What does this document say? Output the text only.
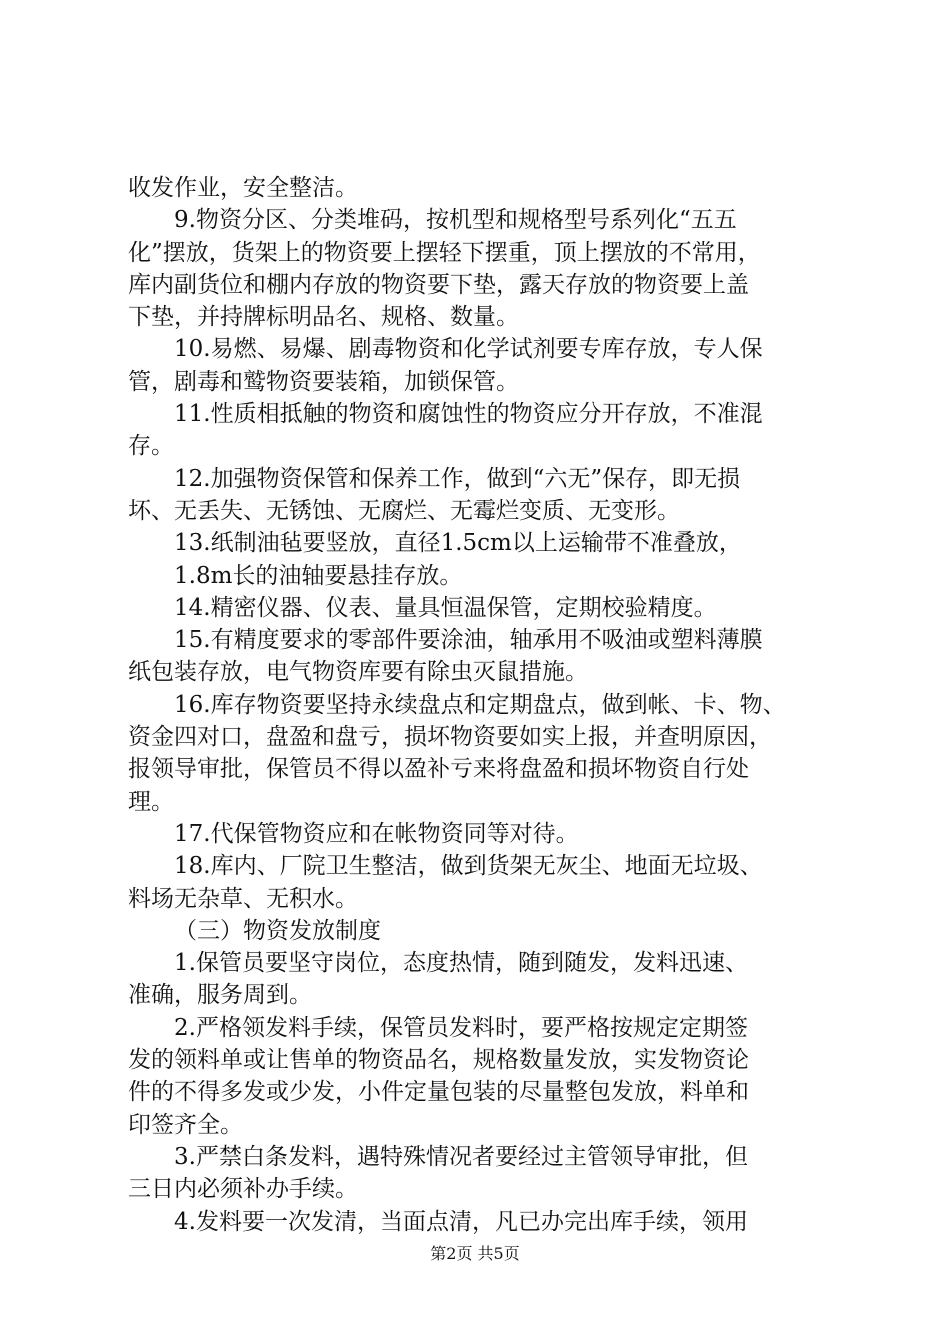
收发作业，安全整洁。
9.物资分区、分类堆码，按机型和规格型号系列化“五五
化”摆放，货架上的物资要上摆轻下摆重，顶上摆放的不常用，
库内副货位和棚内存放的物资要下垫，露天存放的物资要上盖
下垫，并持牌标明品名、规格、数量。
10.易燃、易爆、剧毒物资和化学试剂要专库存放，专人保
管，剧毒和鹫物资要装箱，加锁保管。
11.性质相抵触的物资和腐蚀性的物资应分开存放，不准混
存。
12.加强物资保管和保养工作，做到“六无”保存，即无损
坏、无丢失、无锈蚀、无腐烂、无霉烂变质、无变形。
13.纸制油毡要竖放，直径1.5cm以上运输带不准叠放，
1.8m长的油轴要悬挂存放。
14.精密仪器、仪表、量具恒温保管，定期校验精度。
15.有精度要求的零部件要涂油，轴承用不吸油或塑料薄膜
纸包装存放，电气物资库要有除虫灭鼠措施。
16.库存物资要坚持永续盘点和定期盘点，做到帐、卡、物、
资金四对口，盘盈和盘亏，损坏物资要如实上报，并查明原因，
报领导审批，保管员不得以盈补亏来将盘盈和损坏物资自行处
理。
17.代保管物资应和在帐物资同等对待。
18.库内、厂院卫生整洁，做到货架无灰尘、地面无垃圾、
料场无杂草、无积水。
（三）物资发放制度
1.保管员要坚守岗位，态度热情，随到随发，发料迅速、
准确，服务周到。
2.严格领发料手续，保管员发料时，要严格按规定定期签
发的领料单或让售单的物资品名，规格数量发放，实发物资论
件的不得多发或少发，小件定量包装的尽量整包发放，料单和
印签齐全。
3.严禁白条发料，遇特殊情况者要经过主管领导审批，但
三日内必须补办手续。
4.发料要一次发清，当面点清，凡已办完出库手续，领用
第2页 共5页
